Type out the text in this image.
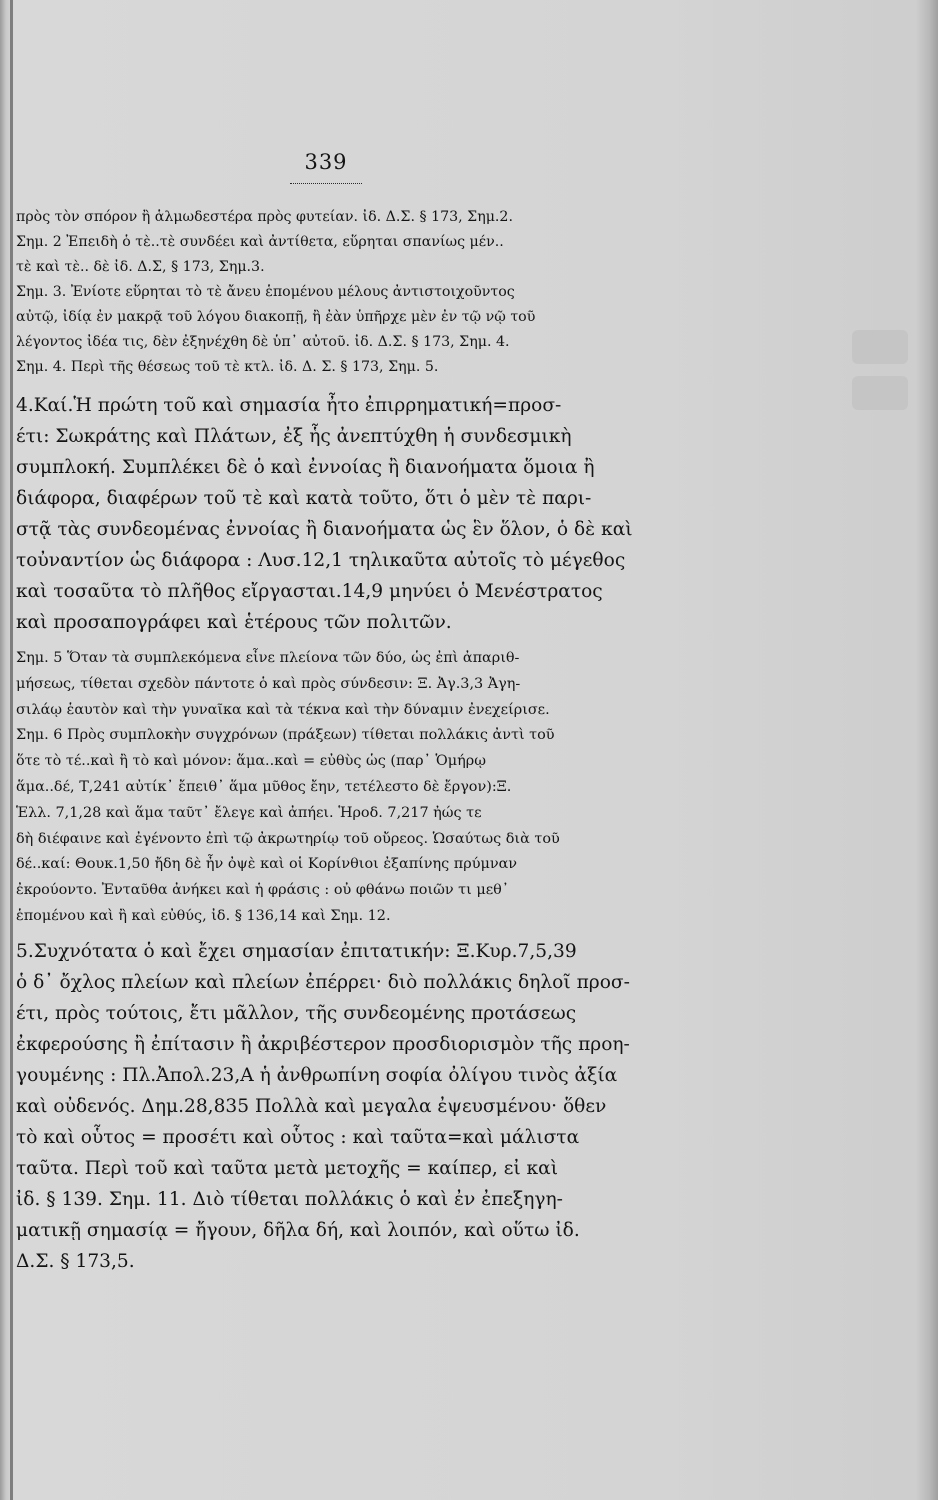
339
πρὸς τὸν σπόρον ἢ ἁλμωδεστέρα πρὸς φυτείαν. ἰδ. Δ.Σ. § 173, Σημ.2.
Σημ. 2 Ἐπειδὴ ὁ τὲ..τὲ συνδέει καὶ ἀντίθετα, εὕρηται σπανίως μέν..
τὲ καὶ τὲ.. δὲ ἰδ. Δ.Σ, § 173, Σημ.3.
Σημ. 3. Ἐνίοτε εὕρηται τὸ τὲ ἄνευ ἑπομένου μέλους ἀντιστοιχοῦντος
αὐτῷ, ἰδίᾳ ἐν μακρᾷ τοῦ λόγου διακοπῇ, ἢ ἐὰν ὑπῆρχε μὲν ἐν τῷ νῷ τοῦ
λέγοντος ἰδέα τις, δὲν ἐξηνέχθη δὲ ὑπ᾽ αὐτοῦ. ἰδ. Δ.Σ. § 173, Σημ. 4.
Σημ. 4. Περὶ τῆς θέσεως τοῦ τὲ κτλ. ἰδ. Δ. Σ. § 173, Σημ. 5.
4.Καί.Ἡ πρώτη τοῦ καὶ σημασία ἦτο ἐπιρρηματική=προσ-
έτι: Σωκράτης καὶ Πλάτων, ἐξ ἧς ἀνεπτύχθη ἡ συνδεσμικὴ
συμπλοκή. Συμπλέκει δὲ ὁ καὶ ἐννοίας ἢ διανοήματα ὅμοια ἢ
διάφορα, διαφέρων τοῦ τὲ καὶ κατὰ τοῦτο, ὅτι ὁ μὲν τὲ παρι-
στᾷ τὰς συνδεομένας ἐννοίας ἢ διανοήματα ὡς ἓν ὅλον, ὁ δὲ καὶ
τοὐναντίον ὡς διάφορα : Λυσ.12,1 τηλικαῦτα αὐτοῖς τὸ μέγεθος
καὶ τοσαῦτα τὸ πλῆθος εἴργασται.14,9 μηνύει ὁ Μενέστρατος
καὶ προσαπογράφει καὶ ἑτέρους τῶν πολιτῶν.
Σημ. 5 Ὅταν τὰ συμπλεκόμενα εἶνε πλείονα τῶν δύο, ὡς ἐπὶ ἀπαριθ-
μήσεως, τίθεται σχεδὸν πάντοτε ὁ καὶ πρὸς σύνδεσιν: Ξ. Ἀγ.3,3 Ἀγη-
σιλάῳ ἑαυτὸν καὶ τὴν γυναῖκα καὶ τὰ τέκνα καὶ τὴν δύναμιν ἐνεχείρισε.
Σημ. 6 Πρὸς συμπλοκὴν συγχρόνων (πράξεων) τίθεται πολλάκις ἀντὶ τοῦ
ὅτε τὸ τέ..καὶ ἢ τὸ καὶ μόνον: ἅμα..καὶ = εὐθὺς ὡς (παρ᾽ Ὁμήρῳ
ἅμα..δέ, Τ,241 αὐτίκ᾽ ἔπειθ᾽ ἅμα μῦθος ἔην, τετέλεστο δὲ ἔργον):Ξ.
Ἑλλ. 7,1,28 καὶ ἅμα ταῦτ᾽ ἔλεγε καὶ ἀπήει. Ἡροδ. 7,217 ἠώς τε
δὴ διέφαινε καὶ ἐγένοντο ἐπὶ τῷ ἀκρωτηρίῳ τοῦ οὔρεος. Ὡσαύτως διὰ τοῦ
δέ..καί: Θουκ.1,50 ἤδη δὲ ἦν ὀψὲ καὶ οἱ Κορίνθιοι ἐξαπίνης πρύμναν
ἐκρούοντο. Ἐνταῦθα ἀνήκει καὶ ἡ φράσις : οὐ φθάνω ποιῶν τι μεθ᾽
ἑπομένου καὶ ἢ καὶ εὐθύς, ἰδ. § 136,14 καὶ Σημ. 12.
5.Συχνότατα ὁ καὶ ἔχει σημασίαν ἐπιτατικήν: Ξ.Κυρ.7,5,39
ὁ δ᾽ ὄχλος πλείων καὶ πλείων ἐπέρρει· διὸ πολλάκις δηλοῖ προσ-
έτι, πρὸς τούτοις, ἔτι μᾶλλον, τῆς συνδεομένης προτάσεως
ἐκφερούσης ἢ ἐπίτασιν ἢ ἀκριβέστερον προσδιορισμὸν τῆς προη-
γουμένης : Πλ.Ἀπολ.23,Α ἡ ἀνθρωπίνη σοφία ὀλίγου τινὸς ἀξία
καὶ οὐδενός. Δημ.28,835 Πολλὰ καὶ μεγαλα ἐψευσμένου· ὅθεν
τὸ καὶ οὗτος = προσέτι καὶ οὗτος : καὶ ταῦτα=καὶ μάλιστα
ταῦτα. Περὶ τοῦ καὶ ταῦτα μετὰ μετοχῆς = καίπερ, εἰ καὶ
ἰδ. § 139. Σημ. 11. Διὸ τίθεται πολλάκις ὁ καὶ ἐν ἐπεξηγη-
ματικῇ σημασίᾳ = ἤγουν, δῆλα δή, καὶ λοιπόν, καὶ οὕτω ἰδ.
Δ.Σ. § 173,5.
